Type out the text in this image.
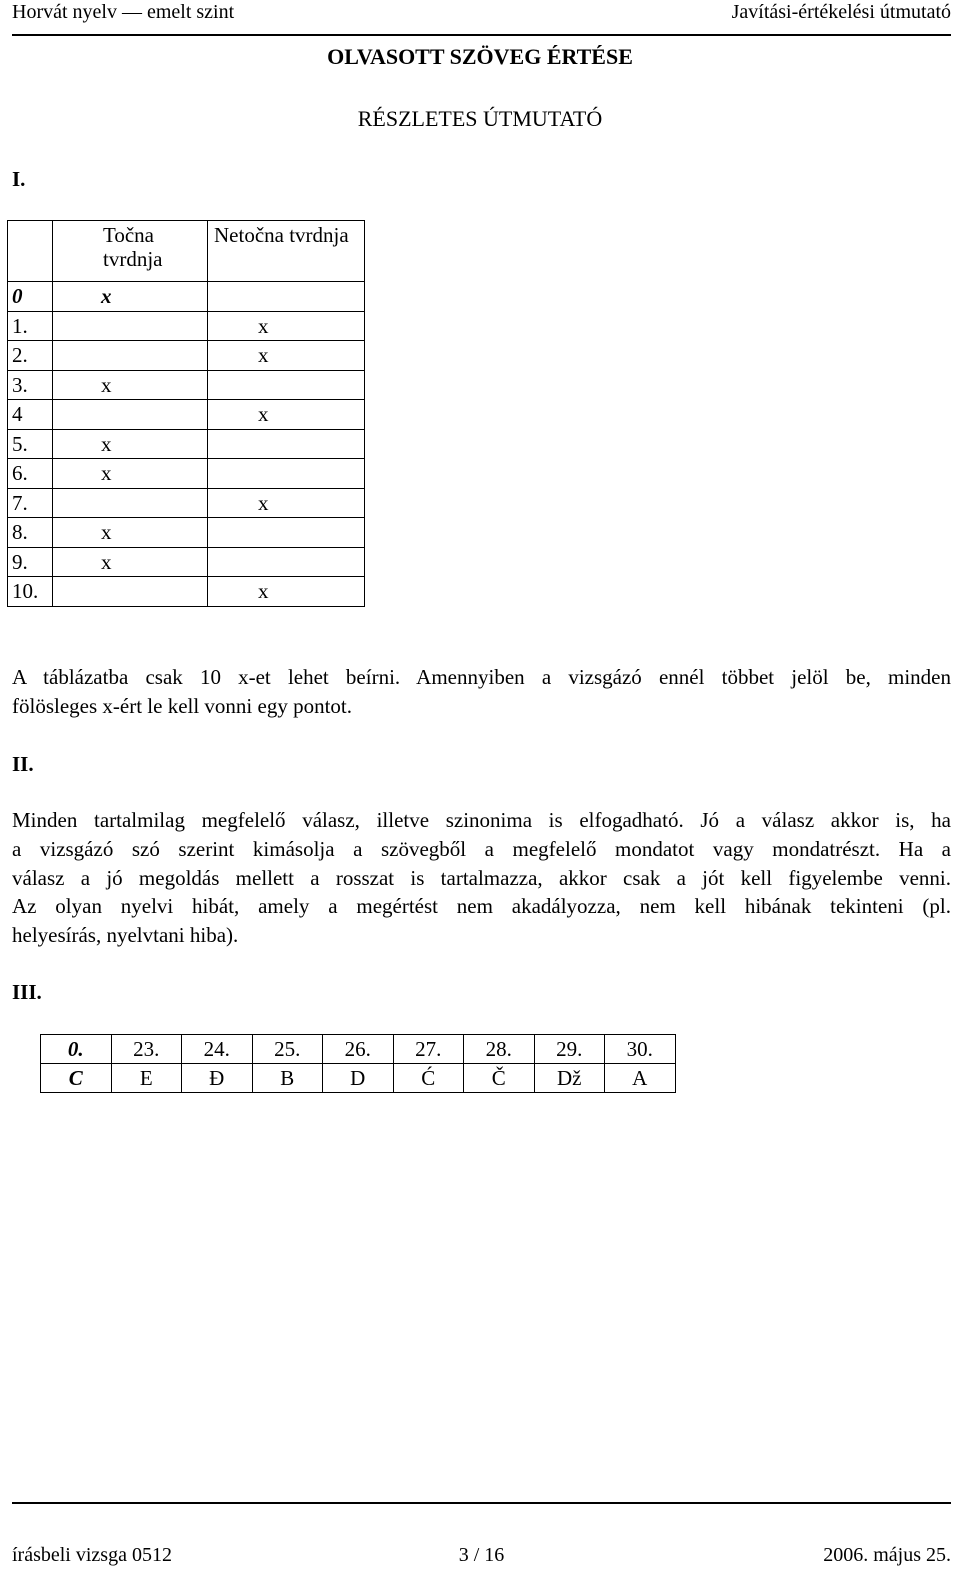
Horvát nyelv — emelt szint	Javítási-értékelési útmutató
OLVASOTT SZÖVEG ÉRTÉSE
RÉSZLETES ÚTMUTATÓ
I.
	Točna tvrdnja	Netočna tvrdnja
0	x	
1.		x
2.		x
3.	x	
4		x
5.	x	
6.	x	
7.		x
8.	x	
9.	x	
10.		x
A táblázatba csak 10 x-et lehet beírni. Amennyiben a vizsgázó ennél többet jelöl be, minden
fölösleges x-ért le kell vonni egy pontot.
II.
Minden tartalmilag megfelelő válasz, illetve szinonima is elfogadható. Jó a válasz akkor is, ha
a vizsgázó szó szerint kimásolja a szövegből a megfelelő mondatot vagy mondatrészt. Ha a
válasz a jó megoldás mellett a rosszat is tartalmazza, akkor csak a jót kell figyelembe venni.
Az olyan nyelvi hibát, amely a megértést nem akadályozza, nem kell hibának tekinteni (pl.
helyesírás, nyelvtani hiba).
III.
0.	23.	24.	25.	26.	27.	28.	29.	30.
C	E	Đ	B	D	Ć	Č	Dž	A
írásbeli vizsga 0512	3 / 16	2006. május 25.
